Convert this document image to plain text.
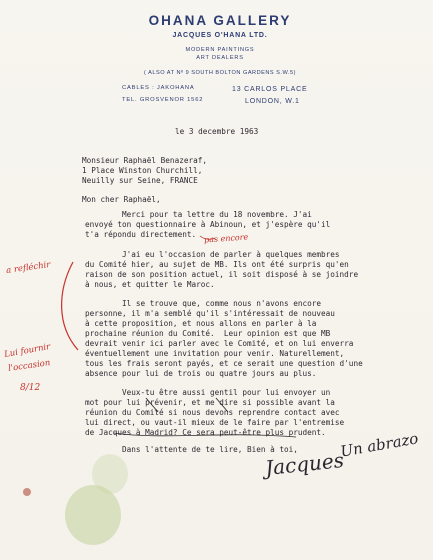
OHANA GALLERY
JACQUES O'HANA LTD.
MODERN PAINTINGS
ART DEALERS
( ALSO AT Nº 9 SOUTH BOLTON GARDENS S.W.5)
CABLES : JAKOHANA
TEL. GROSVENOR 1562
13 CARLOS PLACE
LONDON, W.1
le 3 decembre 1963
Monsieur Raphaël Benazeraf,
1 Place Winston Churchill,
Neuilly sur Seine, FRANCE
Mon cher Raphaël,
Merci pour ta lettre du 18 novembre. J'ai
envoyé ton questionnaire à Abinoun, et j'espère qu'il
t'a répondu directement.
J'ai eu l'occasion de parler à quelques membres
du Comité hier, au sujet de MB. Ils ont été surpris qu'en
raison de son position actuel, il soit disposé à se joindre
à nous, et quitter le Maroc.
Il se trouve que, comme nous n'avons encore
personne, il m'a semblé qu'il s'intéressait de nouveau
à cette proposition, et nous allons en parler à la
prochaine réunion du Comité.  Leur opinion est que MB
devrait venir ici parler avec le Comité, et on lui enverra
éventuellement une invitation pour venir. Naturellement,
tous les frais seront payés, et ce serait une question d'une
absence pour lui de trois ou quatre jours au plus.
Veux-tu être aussi gentil pour lui envoyer un
mot pour lui prévenir, et me dire si possible avant la
réunion du Comité si nous devons reprendre contact avec
lui direct, ou vaut-il mieux de le faire par l'entremise
de Jacques à Madrid? Ce sera peut-être plus prudent.
Dans l'attente de te lire, Bien à toi,
pas encore
a refléchir
Lui fournir
l'occasion
8/12
Un abrazo
Jacques
